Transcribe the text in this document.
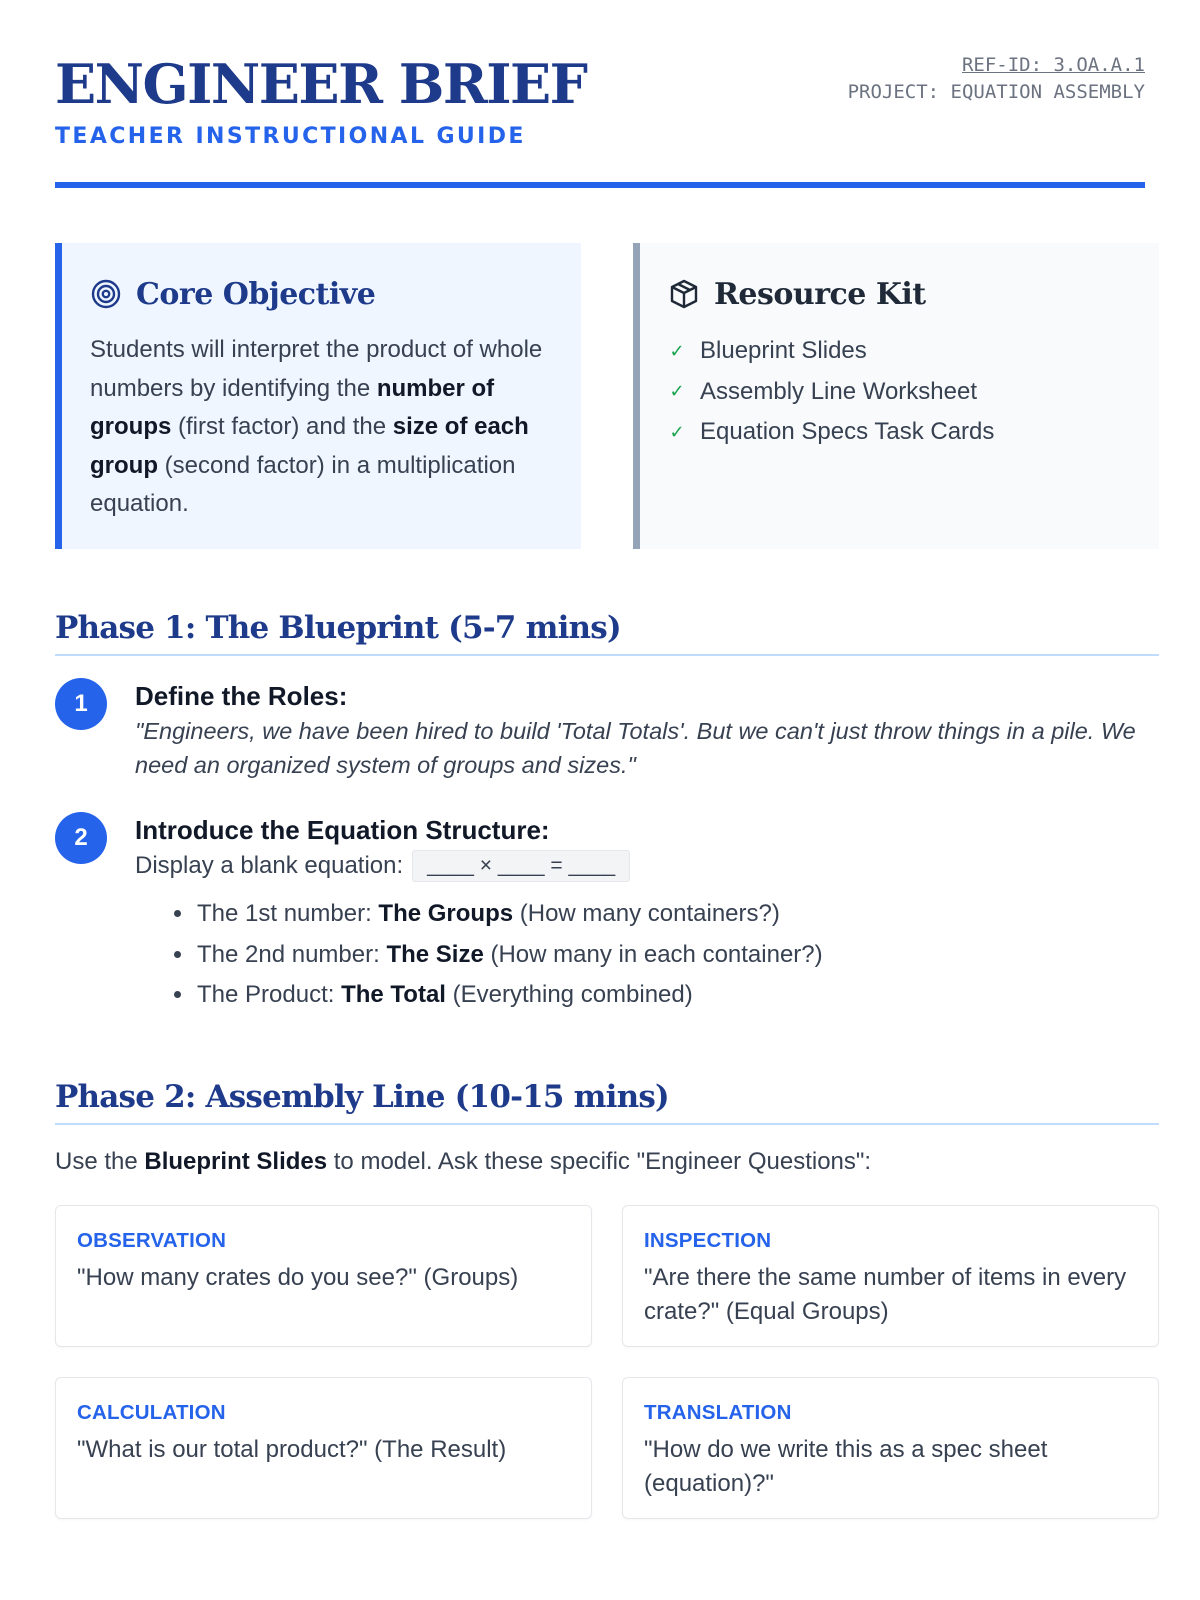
ENGINEER BRIEF
TEACHER INSTRUCTIONAL GUIDE
REF-ID: 3.OA.A.1
PROJECT: EQUATION ASSEMBLY
Core Objective

Students will interpret the product of whole numbers by identifying the number of groups (first factor) and the size of each group (second factor) in a multiplication equation.

Resource Kit
✓ Blueprint Slides
✓ Assembly Line Worksheet
✓ Equation Specs Task Cards
Phase 1: The Blueprint (5-7 mins)
1	Define the Roles:
"Engineers, we have been hired to build 'Total Totals'. But we can't just throw things in a pile. We need an organized system of groups and sizes."
2	Introduce the Equation Structure:
Display a blank equation:	____ × ____ = ____
• The 1st number: The Groups (How many containers?)
• The 2nd number: The Size (How many in each container?)
• The Product: The Total (Everything combined)
Phase 2: Assembly Line (10-15 mins)
Use the Blueprint Slides to model. Ask these specific "Engineer Questions":
OBSERVATION
"How many crates do you see?" (Groups)
INSPECTION
"Are there the same number of items in every crate?" (Equal Groups)
CALCULATION
"What is our total product?" (The Result)
TRANSLATION
"How do we write this as a spec sheet (equation)?"
